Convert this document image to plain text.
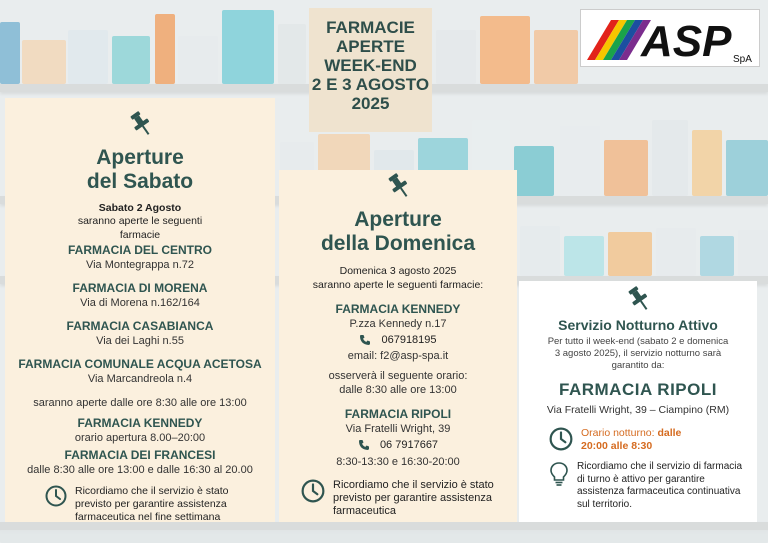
FARMACIE
APERTE
WEEK-END
2 E 3 AGOSTO
2025
ASP SpA
Aperture
del Sabato
Sabato 2 Agosto
saranno aperte le seguenti
farmacie
FARMACIA DEL CENTRO
Via Montegrappa n.72
FARMACIA DI MORENA
Via di Morena n.162/164
FARMACIA CASABIANCA
Via dei Laghi n.55
FARMACIA COMUNALE ACQUA ACETOSA
Via Marcandreola n.4
saranno aperte dalle ore 8:30 alle ore 13:00
FARMACIA KENNEDY
orario apertura 8.00–20:00
FARMACIA DEI FRANCESI
dalle 8:30 alle ore 13:00 e dalle 16:30 al 20.00
Ricordiamo che il servizio è stato previsto per garantire assistenza farmaceutica nel fine settimana
Aperture
della Domenica
Domenica 3 agosto 2025
saranno aperte le seguenti farmacie:
FARMACIA KENNEDY
P.zza Kennedy n.17
067918195
email: f2@asp-spa.it
osserverà il seguente orario:
dalle 8:30 alle ore 13:00
FARMACIA RIPOLI
Via Fratelli Wright, 39
06 7917667
8:30-13:30 e 16:30-20:00
Ricordiamo che il servizio è stato previsto per garantire assistenza farmaceutica
Servizio Notturno Attivo
Per tutto il week-end (sabato 2 e domenica 3 agosto 2025), il servizio notturno sarà garantito da:
FARMACIA RIPOLI
Via Fratelli Wright, 39 – Ciampino (RM)
Orario notturno: dalle
20:00 alle 8:30
Ricordiamo che il servizio di farmacia di turno è attivo per garantire assistenza farmaceutica continuativa sul territorio.
